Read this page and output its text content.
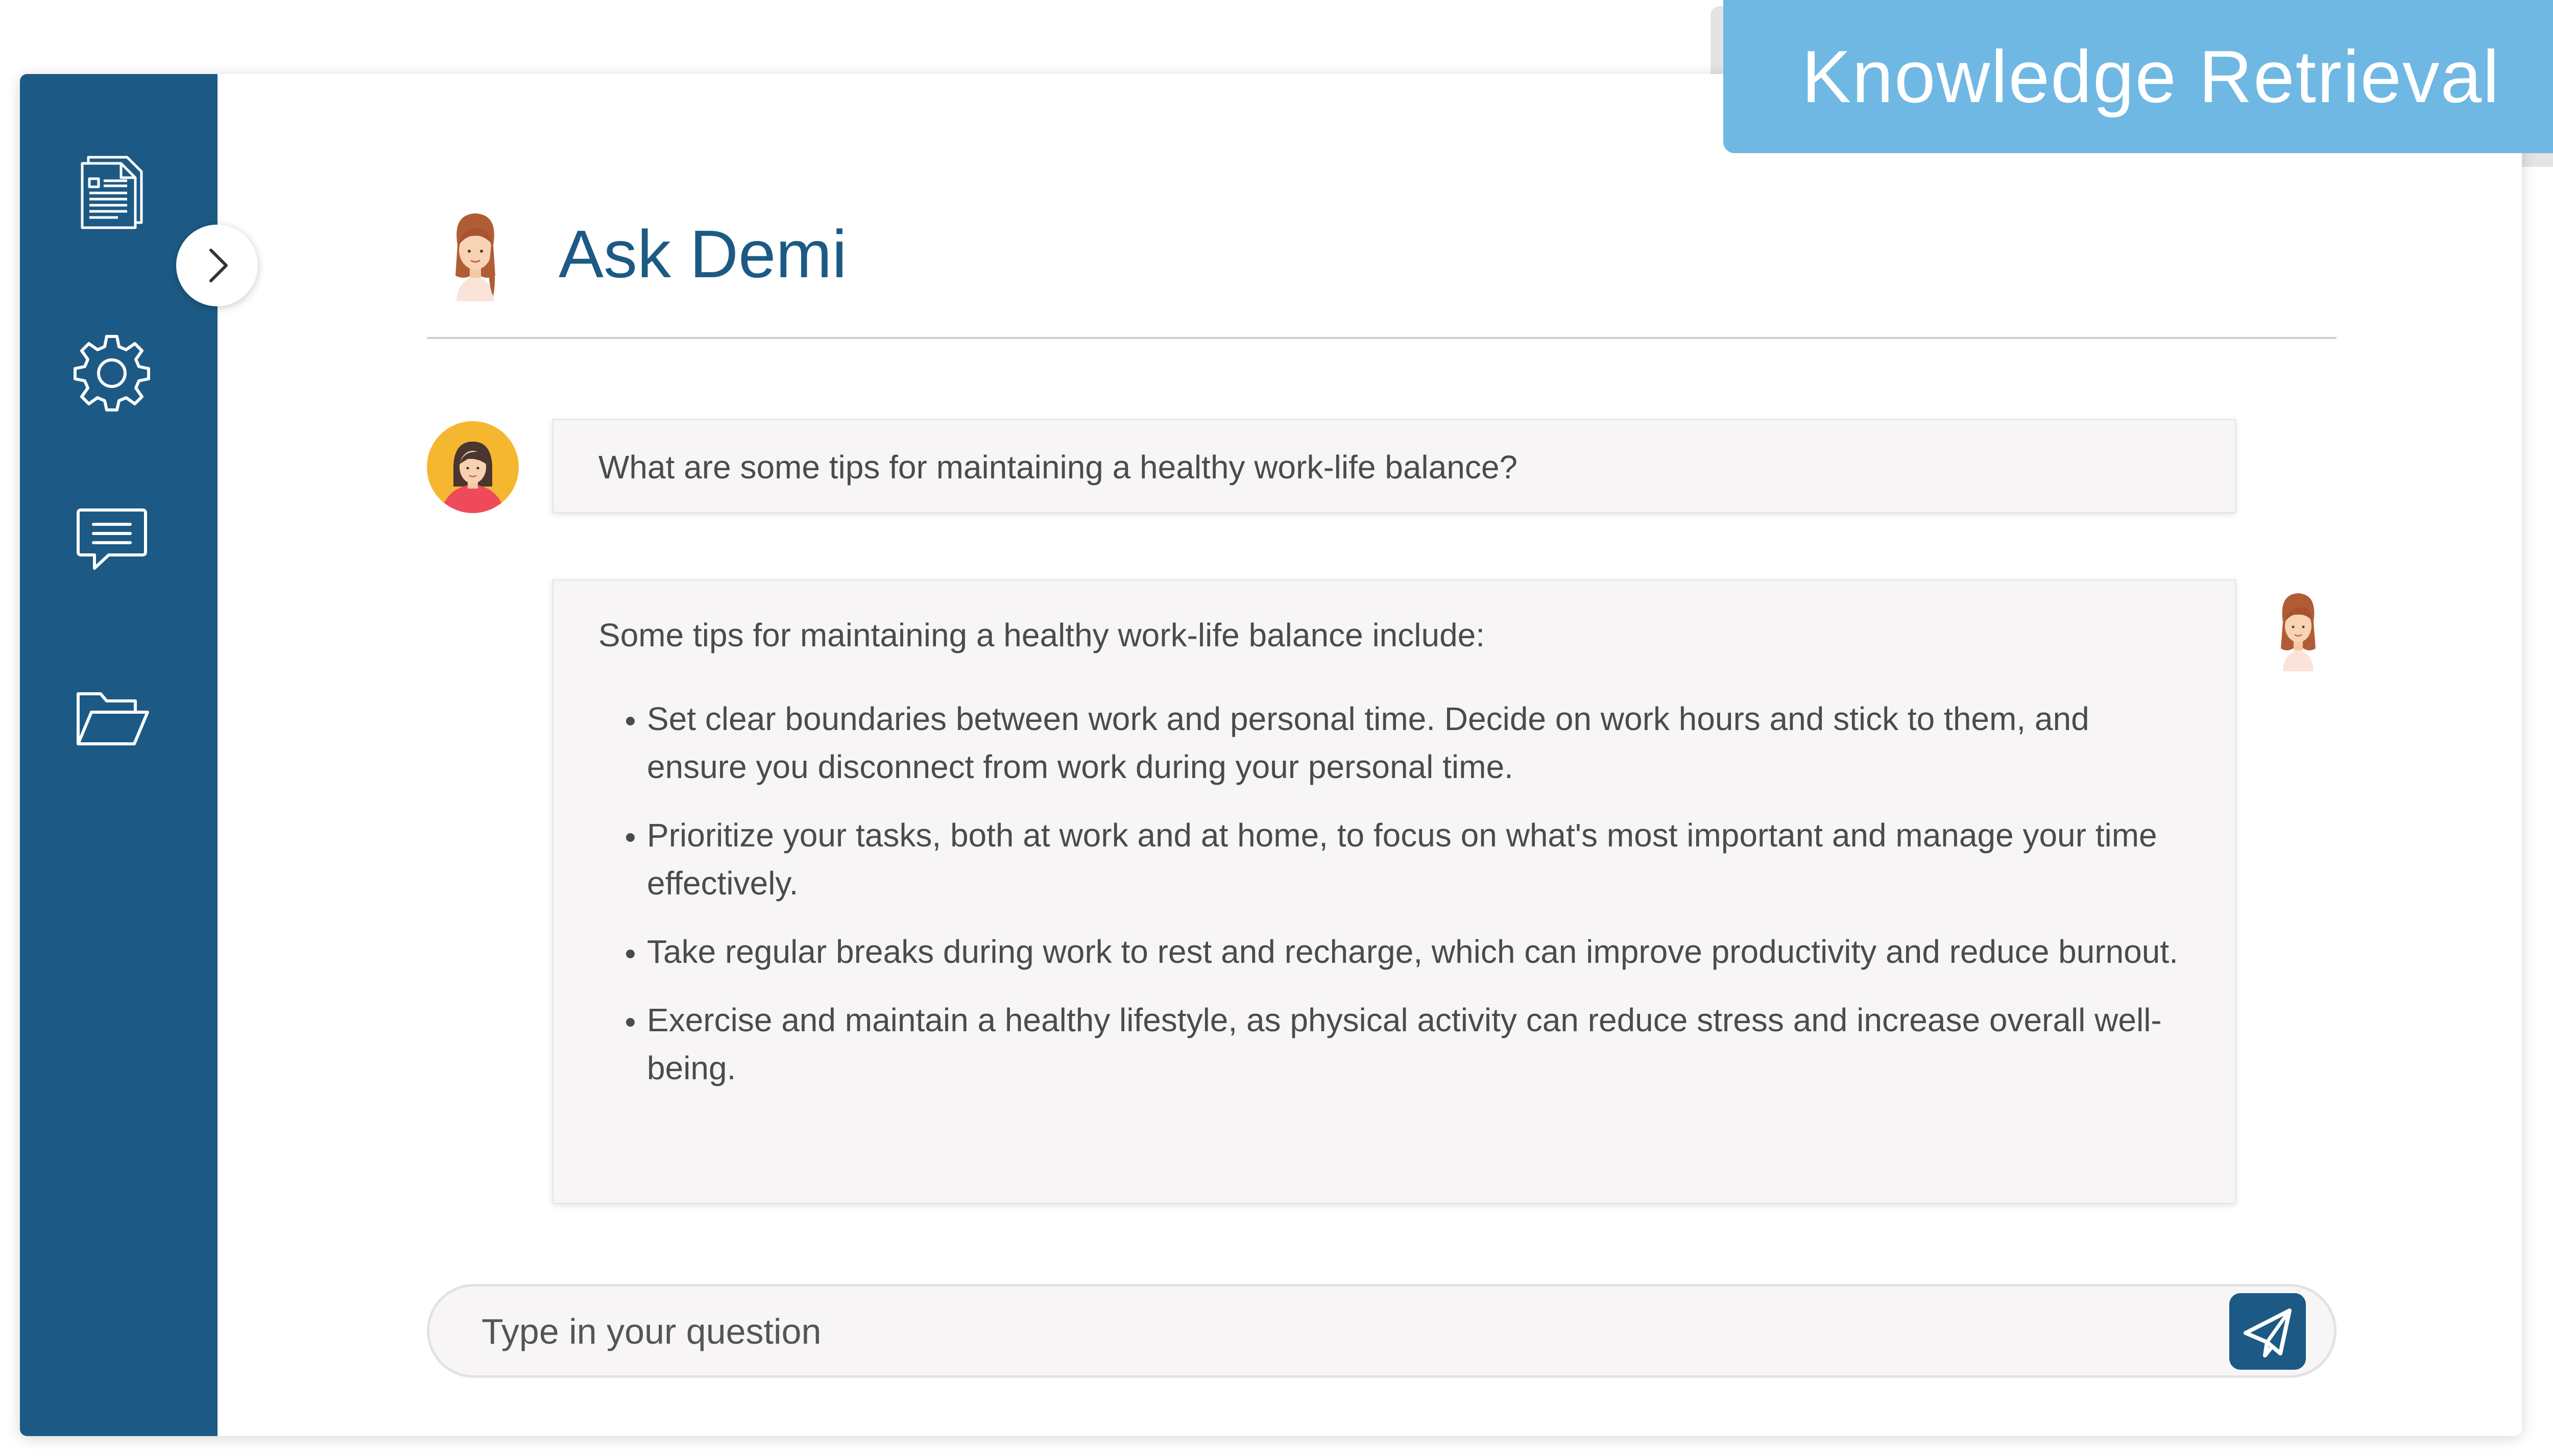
Knowledge Retrieval
Ask Demi
What are some tips for maintaining a healthy work-life balance?

Some tips for maintaining a healthy work-life balance include:

• Set clear boundaries between work and personal time. Decide on work hours and stick to them, and ensure you disconnect from work during your personal time.
• Prioritize your tasks, both at work and at home, to focus on what's most important and manage your time effectively.
• Take regular breaks during work to rest and recharge, which can improve productivity and reduce burnout.
• Exercise and maintain a healthy lifestyle, as physical activity can reduce stress and increase overall well-being.
Type in your question
